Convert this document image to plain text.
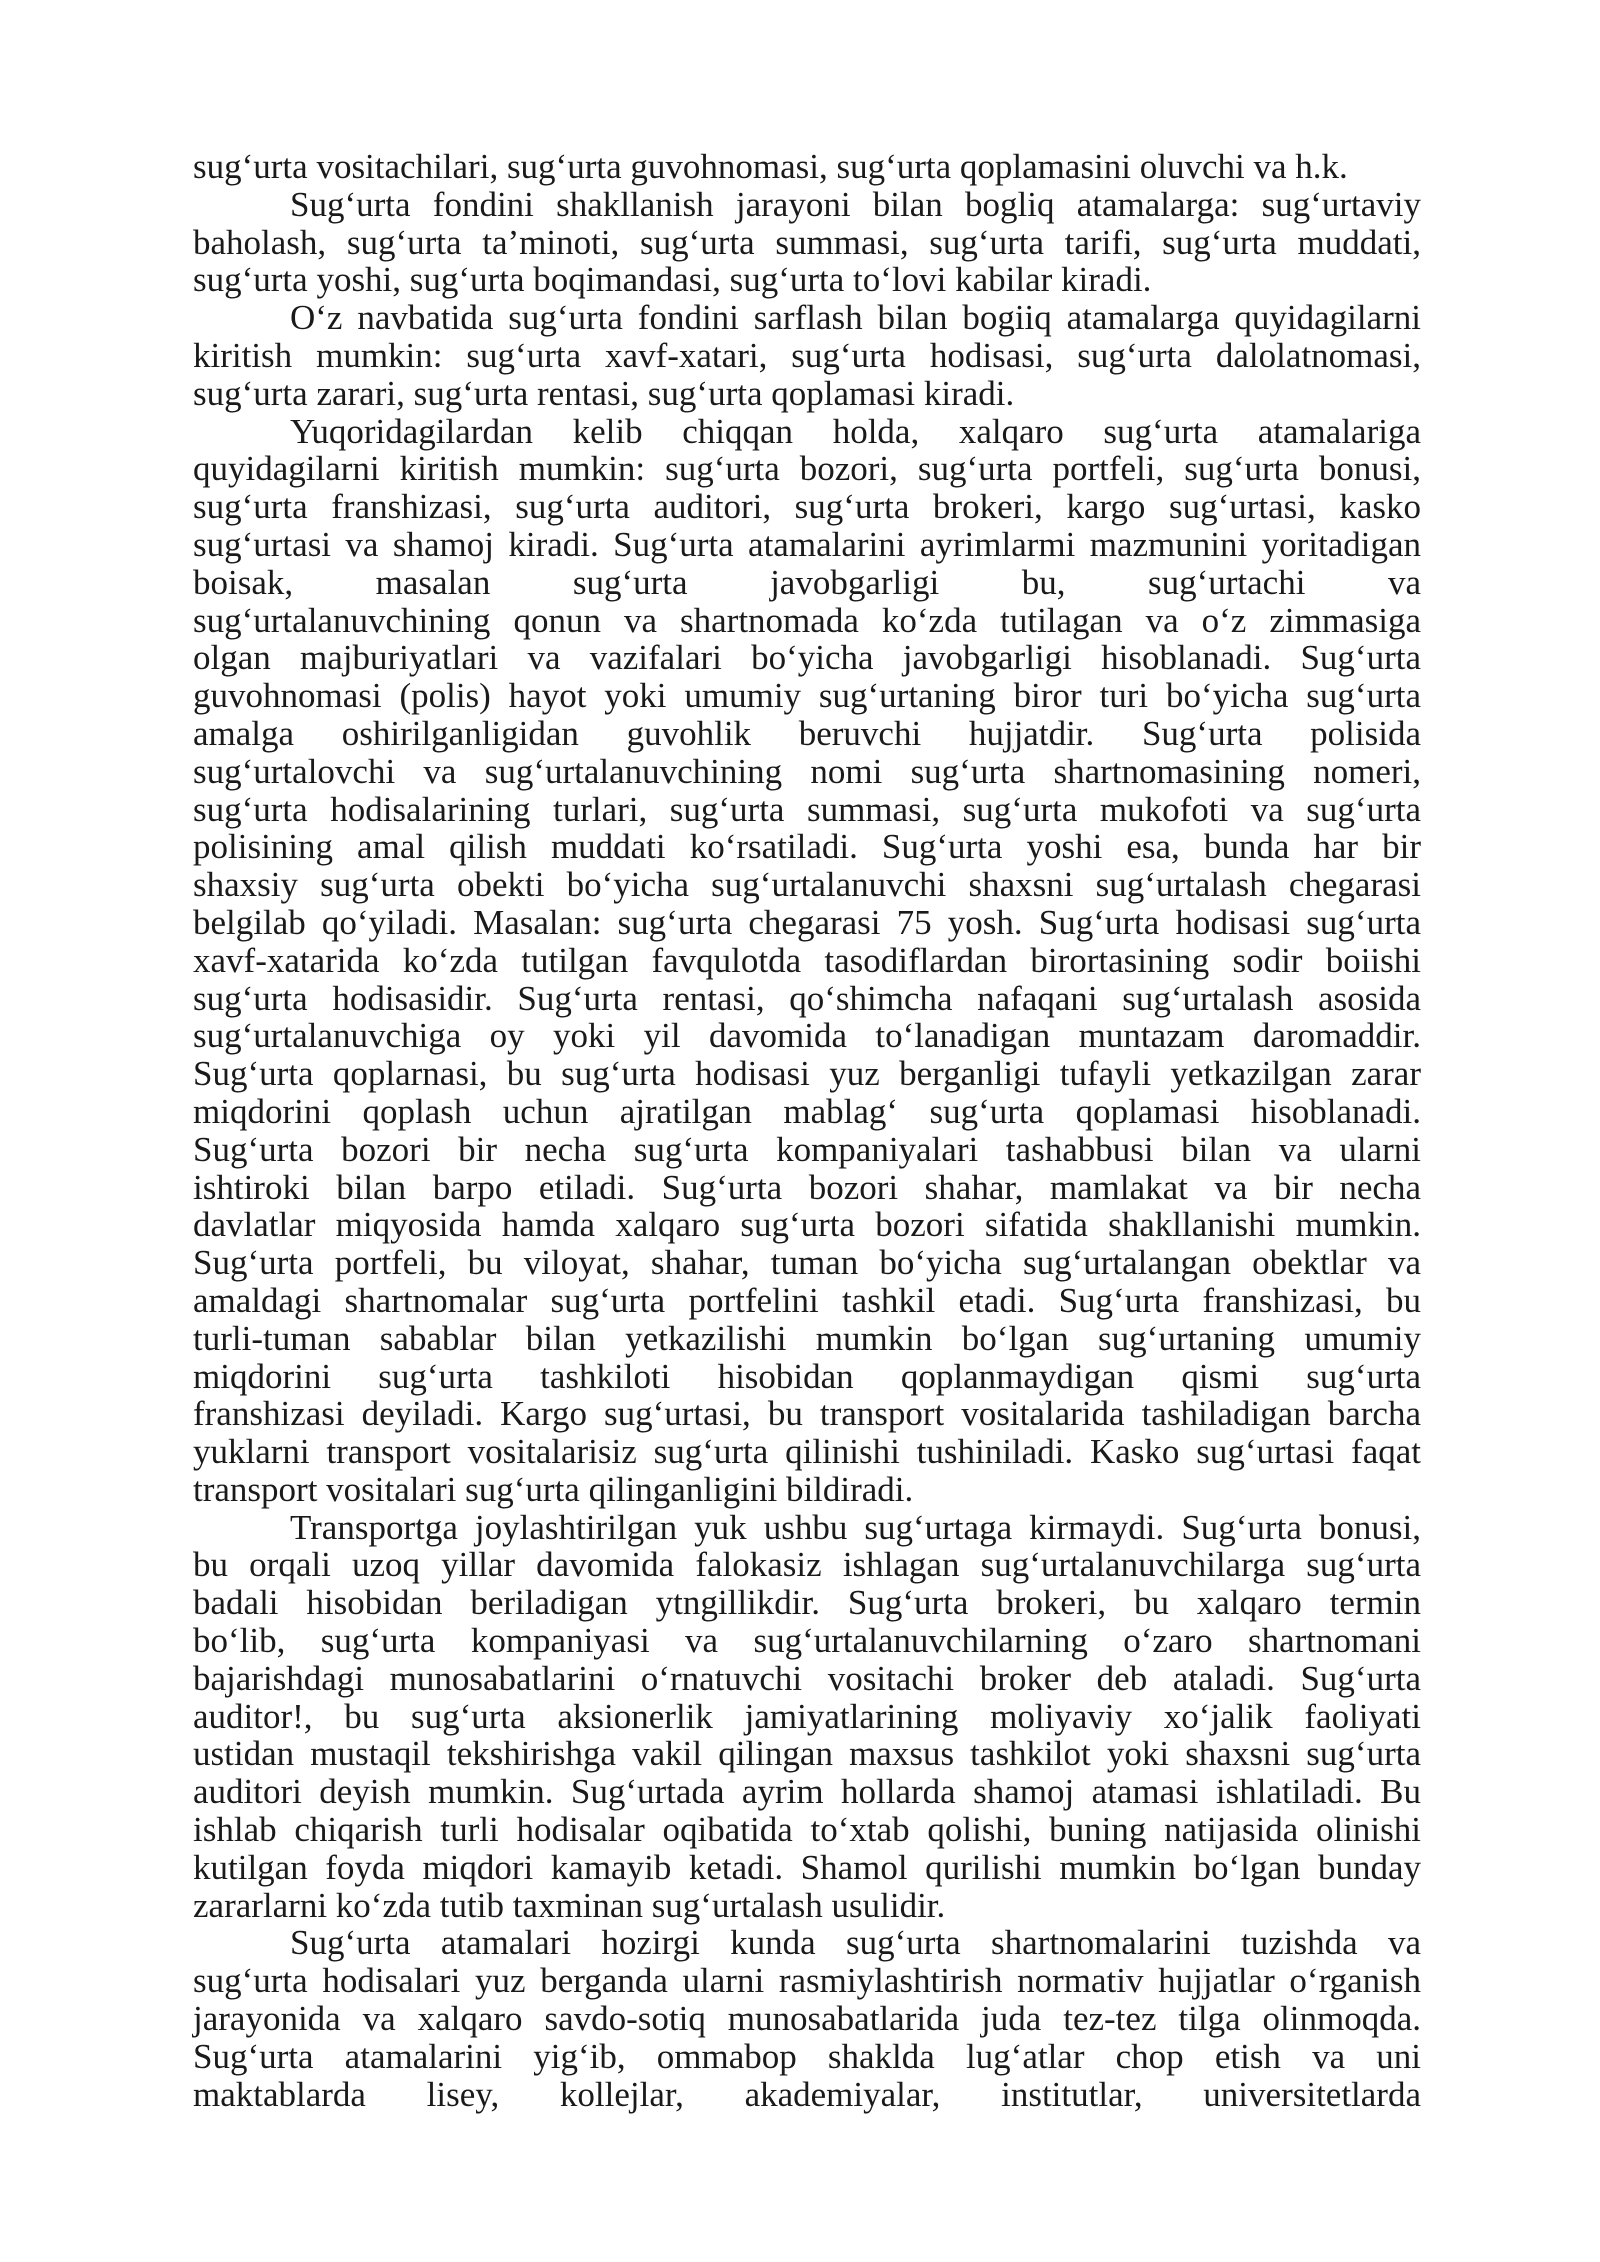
sug‘urta vositachilari, sug‘urta guvohnomasi, sug‘urta qoplamasini oluvchi va h.k.
Sug‘urta fondini shakllanish jarayoni bilan bogliq atamalarga: sug‘urtaviy
baholash, sug‘urta ta’minoti, sug‘urta summasi, sug‘urta tarifi, sug‘urta muddati,
sug‘urta yoshi, sug‘urta boqimandasi, sug‘urta to‘lovi kabilar kiradi.
O‘z navbatida sug‘urta fondini sarflash bilan bogiiq atamalarga quyidagilarni
kiritish mumkin: sug‘urta xavf-xatari, sug‘urta hodisasi, sug‘urta dalolatnomasi,
sug‘urta zarari, sug‘urta rentasi, sug‘urta qoplamasi kiradi.
Yuqoridagilardan kelib chiqqan holda, xalqaro sug‘urta atamalariga
quyidagilarni kiritish mumkin: sug‘urta bozori, sug‘urta portfeli, sug‘urta bonusi,
sug‘urta franshizasi, sug‘urta auditori, sug‘urta brokeri, kargo sug‘urtasi, kasko
sug‘urtasi va shamoj kiradi. Sug‘urta atamalarini ayrimlarmi mazmunini yoritadigan
boisak, masalan sug‘urta javobgarligi bu, sug‘urtachi va
sug‘urtalanuvchining qonun va shartnomada ko‘zda tutilagan va o‘z zimmasiga
olgan majburiyatlari va vazifalari bo‘yicha javobgarligi hisoblanadi. Sug‘urta
guvohnomasi (polis) hayot yoki umumiy sug‘urtaning biror turi bo‘yicha sug‘urta
amalga oshirilganligidan guvohlik beruvchi hujjatdir. Sug‘urta polisida
sug‘urtalovchi va sug‘urtalanuvchining nomi sug‘urta shartnomasining nomeri,
sug‘urta hodisalarining turlari, sug‘urta summasi, sug‘urta mukofoti va sug‘urta
polisining amal qilish muddati ko‘rsatiladi. Sug‘urta yoshi esa, bunda har bir
shaxsiy sug‘urta obekti bo‘yicha sug‘urtalanuvchi shaxsni sug‘urtalash chegarasi
belgilab qo‘yiladi. Masalan: sug‘urta chegarasi 75 yosh. Sug‘urta hodisasi sug‘urta
xavf-xatarida ko‘zda tutilgan favqulotda tasodiflardan birortasining sodir boiishi
sug‘urta hodisasidir. Sug‘urta rentasi, qo‘shimcha nafaqani sug‘urtalash asosida
sug‘urtalanuvchiga oy yoki yil davomida to‘lanadigan muntazam daromaddir.
Sug‘urta qoplarnasi, bu sug‘urta hodisasi yuz berganligi tufayli yetkazilgan zarar
miqdorini qoplash uchun ajratilgan mablag‘ sug‘urta qoplamasi hisoblanadi.
Sug‘urta bozori bir necha sug‘urta kompaniyalari tashabbusi bilan va ularni
ishtiroki bilan barpo etiladi. Sug‘urta bozori shahar, mamlakat va bir necha
davlatlar miqyosida hamda xalqaro sug‘urta bozori sifatida shakllanishi mumkin.
Sug‘urta portfeli, bu viloyat, shahar, tuman bo‘yicha sug‘urtalangan obektlar va
amaldagi shartnomalar sug‘urta portfelini tashkil etadi. Sug‘urta franshizasi, bu
turli-tuman sabablar bilan yetkazilishi mumkin bo‘lgan sug‘urtaning umumiy
miqdorini sug‘urta tashkiloti hisobidan qoplanmaydigan qismi sug‘urta
franshizasi deyiladi. Kargo sug‘urtasi, bu transport vositalarida tashiladigan barcha
yuklarni transport vositalarisiz sug‘urta qilinishi tushiniladi. Kasko sug‘urtasi faqat
transport vositalari sug‘urta qilinganligini bildiradi.
Transportga joylashtirilgan yuk ushbu sug‘urtaga kirmaydi. Sug‘urta bonusi,
bu orqali uzoq yillar davomida falokasiz ishlagan sug‘urtalanuvchilarga sug‘urta
badali hisobidan beriladigan ytngillikdir. Sug‘urta brokeri, bu xalqaro termin
bo‘lib, sug‘urta kompaniyasi va sug‘urtalanuvchilarning o‘zaro shartnomani
bajarishdagi munosabatlarini o‘rnatuvchi vositachi broker deb ataladi. Sug‘urta
auditor!, bu sug‘urta aksionerlik jamiyatlarining moliyaviy xo‘jalik faoliyati
ustidan mustaqil tekshirishga vakil qilingan maxsus tashkilot yoki shaxsni sug‘urta
auditori deyish mumkin. Sug‘urtada ayrim hollarda shamoj atamasi ishlatiladi. Bu
ishlab chiqarish turli hodisalar oqibatida to‘xtab qolishi, buning natijasida olinishi
kutilgan foyda miqdori kamayib ketadi. Shamol qurilishi mumkin bo‘lgan bunday
zararlarni ko‘zda tutib taxminan sug‘urtalash usulidir.
Sug‘urta atamalari hozirgi kunda sug‘urta shartnomalarini tuzishda va
sug‘urta hodisalari yuz berganda ularni rasmiylashtirish normativ hujjatlar o‘rganish
jarayonida va xalqaro savdo-sotiq munosabatlarida juda tez-tez tilga olinmoqda.
Sug‘urta atamalarini yig‘ib, ommabop shaklda lug‘atlar chop etish va uni
maktablarda lisey, kollejlar, akademiyalar, institutlar, universitetlarda
